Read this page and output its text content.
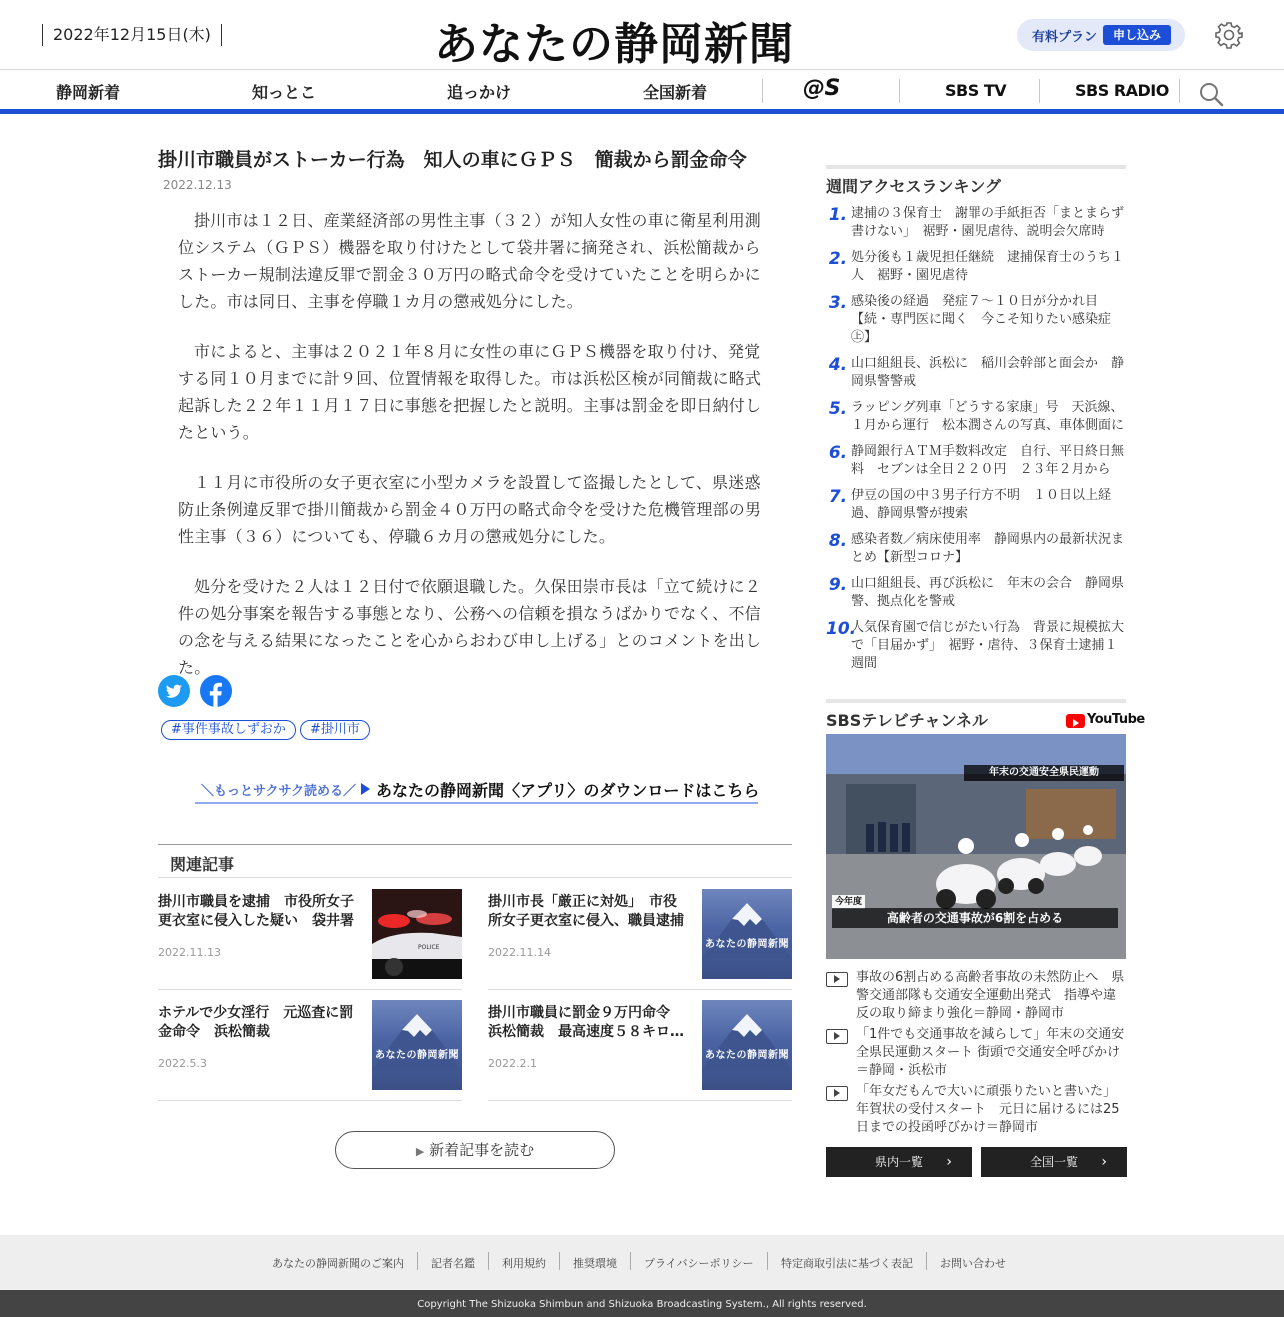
2022年12月15日(木)	あなたの静岡新聞	有料プラン	申し込み
静岡新着	知っとこ	追っかけ	全国新着	@S	SBS TV	SBS RADIO
掛川市職員がストーカー行為　知人の車にＧＰＳ　簡裁から罰金命令
2022.12.13

掛川市は１２日、産業経済部の男性主事（３２）が知人女性の車に衛星利用測位システム（ＧＰＳ）機器を取り付けたとして袋井署に摘発され、浜松簡裁からストーカー規制法違反罪で罰金３０万円の略式命令を受けていたことを明らかにした。市は同日、主事を停職１カ月の懲戒処分にした。

市によると、主事は２０２１年８月に女性の車にＧＰＳ機器を取り付け、発覚する同１０月までに計９回、位置情報を取得した。市は浜松区検が同簡裁に略式起訴した２２年１１月１７日に事態を把握したと説明。主事は罰金を即日納付したという。

１１月に市役所の女子更衣室に小型カメラを設置して盗撮したとして、県迷惑防止条例違反罪で掛川簡裁から罰金４０万円の略式命令を受けた危機管理部の男性主事（３６）についても、停職６カ月の懲戒処分にした。

処分を受けた２人は１２日付で依願退職した。久保田崇市長は「立て続けに２件の処分事案を報告する事態となり、公務への信頼を損なうばかりでなく、不信の念を与える結果になったことを心からおわび申し上げる」とのコメントを出した。

#事件事故しずおか	#掛川市
＼もっとサクサク読める／ あなたの静岡新聞〈アプリ〉のダウンロードはこちら
関連記事
掛川市職員を逮捕　市役所女子更衣室に侵入した疑い　袋井署
2022.11.13	POLICE
掛川市長「厳正に対処」　市役所女子更衣室に侵入、職員逮捕
2022.11.14
あなたの静岡新聞
ホテルで少女淫行　元巡査に罰金命令　浜松簡裁
2022.5.3
あなたの静岡新聞
掛川市職員に罰金９万円命令　浜松簡裁　最高速度５８キロ…
2022.2.1
あなたの静岡新聞
▶ 新着記事を読む
週間アクセスランキング
1. 逮捕の３保育士　謝罪の手紙拒否「まとまらず書けない」　裾野・園児虐待、説明会欠席時
2. 処分後も１歳児担任継続　逮捕保育士のうち１人　裾野・園児虐待
3. 感染後の経過　発症７～１０日が分かれ目【続・専門医に聞く　今こそ知りたい感染症㊤】
4. 山口組組長、浜松に　稲川会幹部と面会か　静岡県警警戒
5. ラッピング列車「どうする家康」号　天浜線、１月から運行　松本潤さんの写真、車体側面に
6. 静岡銀行ＡＴＭ手数料改定　自行、平日終日無料　セブンは全日２２０円　２３年２月から
7. 伊豆の国の中３男子行方不明　１０日以上経過、静岡県警が捜索
8. 感染者数／病床使用率　静岡県内の最新状況まとめ【新型コロナ】
9. 山口組組長、再び浜松に　年末の会合　静岡県警、拠点化を警戒
10.
人気保育園で信じがたい行為　背景に規模拡大で「目届かず」　裾野・虐待、３保育士逮捕１週間
SBSテレビチャンネル	YouTube
年末の交通安全県民運動
今年度
高齢者の交通事故が6割を占める
事故の6割占める高齢者事故の未然防止へ　県警交通部隊も交通安全運動出発式　指導や違反の取り締まり強化＝静岡・静岡市
「1件でも交通事故を減らして」年末の交通安全県民運動スタート 街頭で交通安全呼びかけ＝静岡・浜松市
「年女だもんで大いに頑張りたいと書いた」年賀状の受付スタート　元日に届けるには25日までの投函呼びかけ＝静岡市
県内一覧 ›	全国一覧 ›
あなたの静岡新聞のご案内 記者名鑑 利用規約 推奨環境 プライバシーポリシー	特定商取引法に基づく表記 お問い合わせ
Copyright The Shizuoka Shimbun and Shizuoka Broadcasting System., All rights reserved.
